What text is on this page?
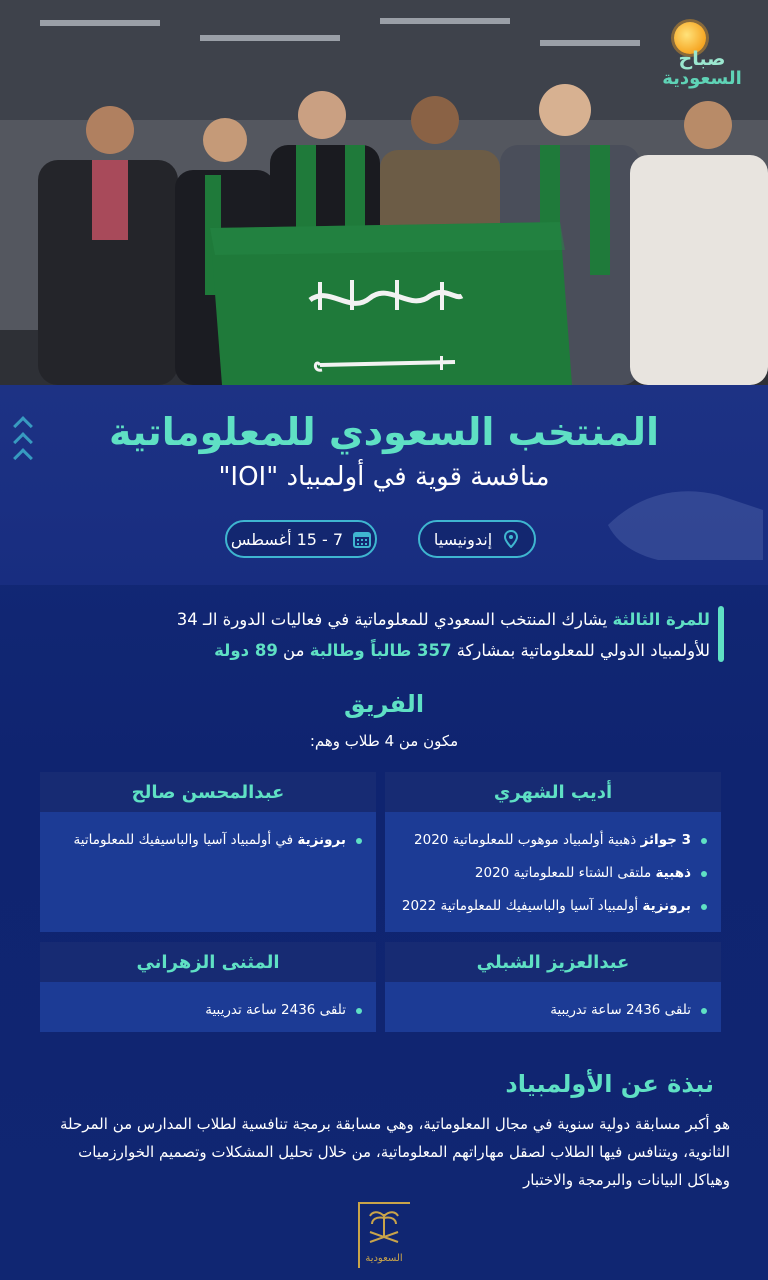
صباح
السعودية
المنتخب السعودي للمعلوماتية
منافسة قوية في أولمبياد "IOI"
إندونيسيا
7 - 15 أغسطس
للمرة الثالثة يشارك المنتخب السعودي للمعلوماتية في فعاليات الدورة الـ 34
للأولمبياد الدولي للمعلوماتية بمشاركة 357 طالباً وطالبة من 89 دولة
الفريق
مكون من 4 طلاب وهم:
أديب الشهري
3 جوائز ذهبية أولمبياد موهوب للمعلوماتية 2020
ذهبية ملتقى الشتاء للمعلوماتية 2020
برونزية أولمبياد آسيا والباسيفيك للمعلوماتية 2022
عبدالمحسن صالح
برونزية في أولمبياد آسيا والباسيفيك للمعلوماتية
عبدالعزيز الشبلي
تلقى 2436 ساعة تدريبية
المثنى الزهراني
تلقى 2436 ساعة تدريبية
نبذة عن الأولمبياد

هو أكبر مسابقة دولية سنوية في مجال المعلوماتية، وهي مسابقة برمجة تنافسية لطلاب المدارس من المرحلة الثانوية، ويتنافس فيها الطلاب لصقل مهاراتهم المعلوماتية، من خلال تحليل المشكلات وتصميم الخوارزميات وهياكل البيانات والبرمجة والاختبار

السعودية
